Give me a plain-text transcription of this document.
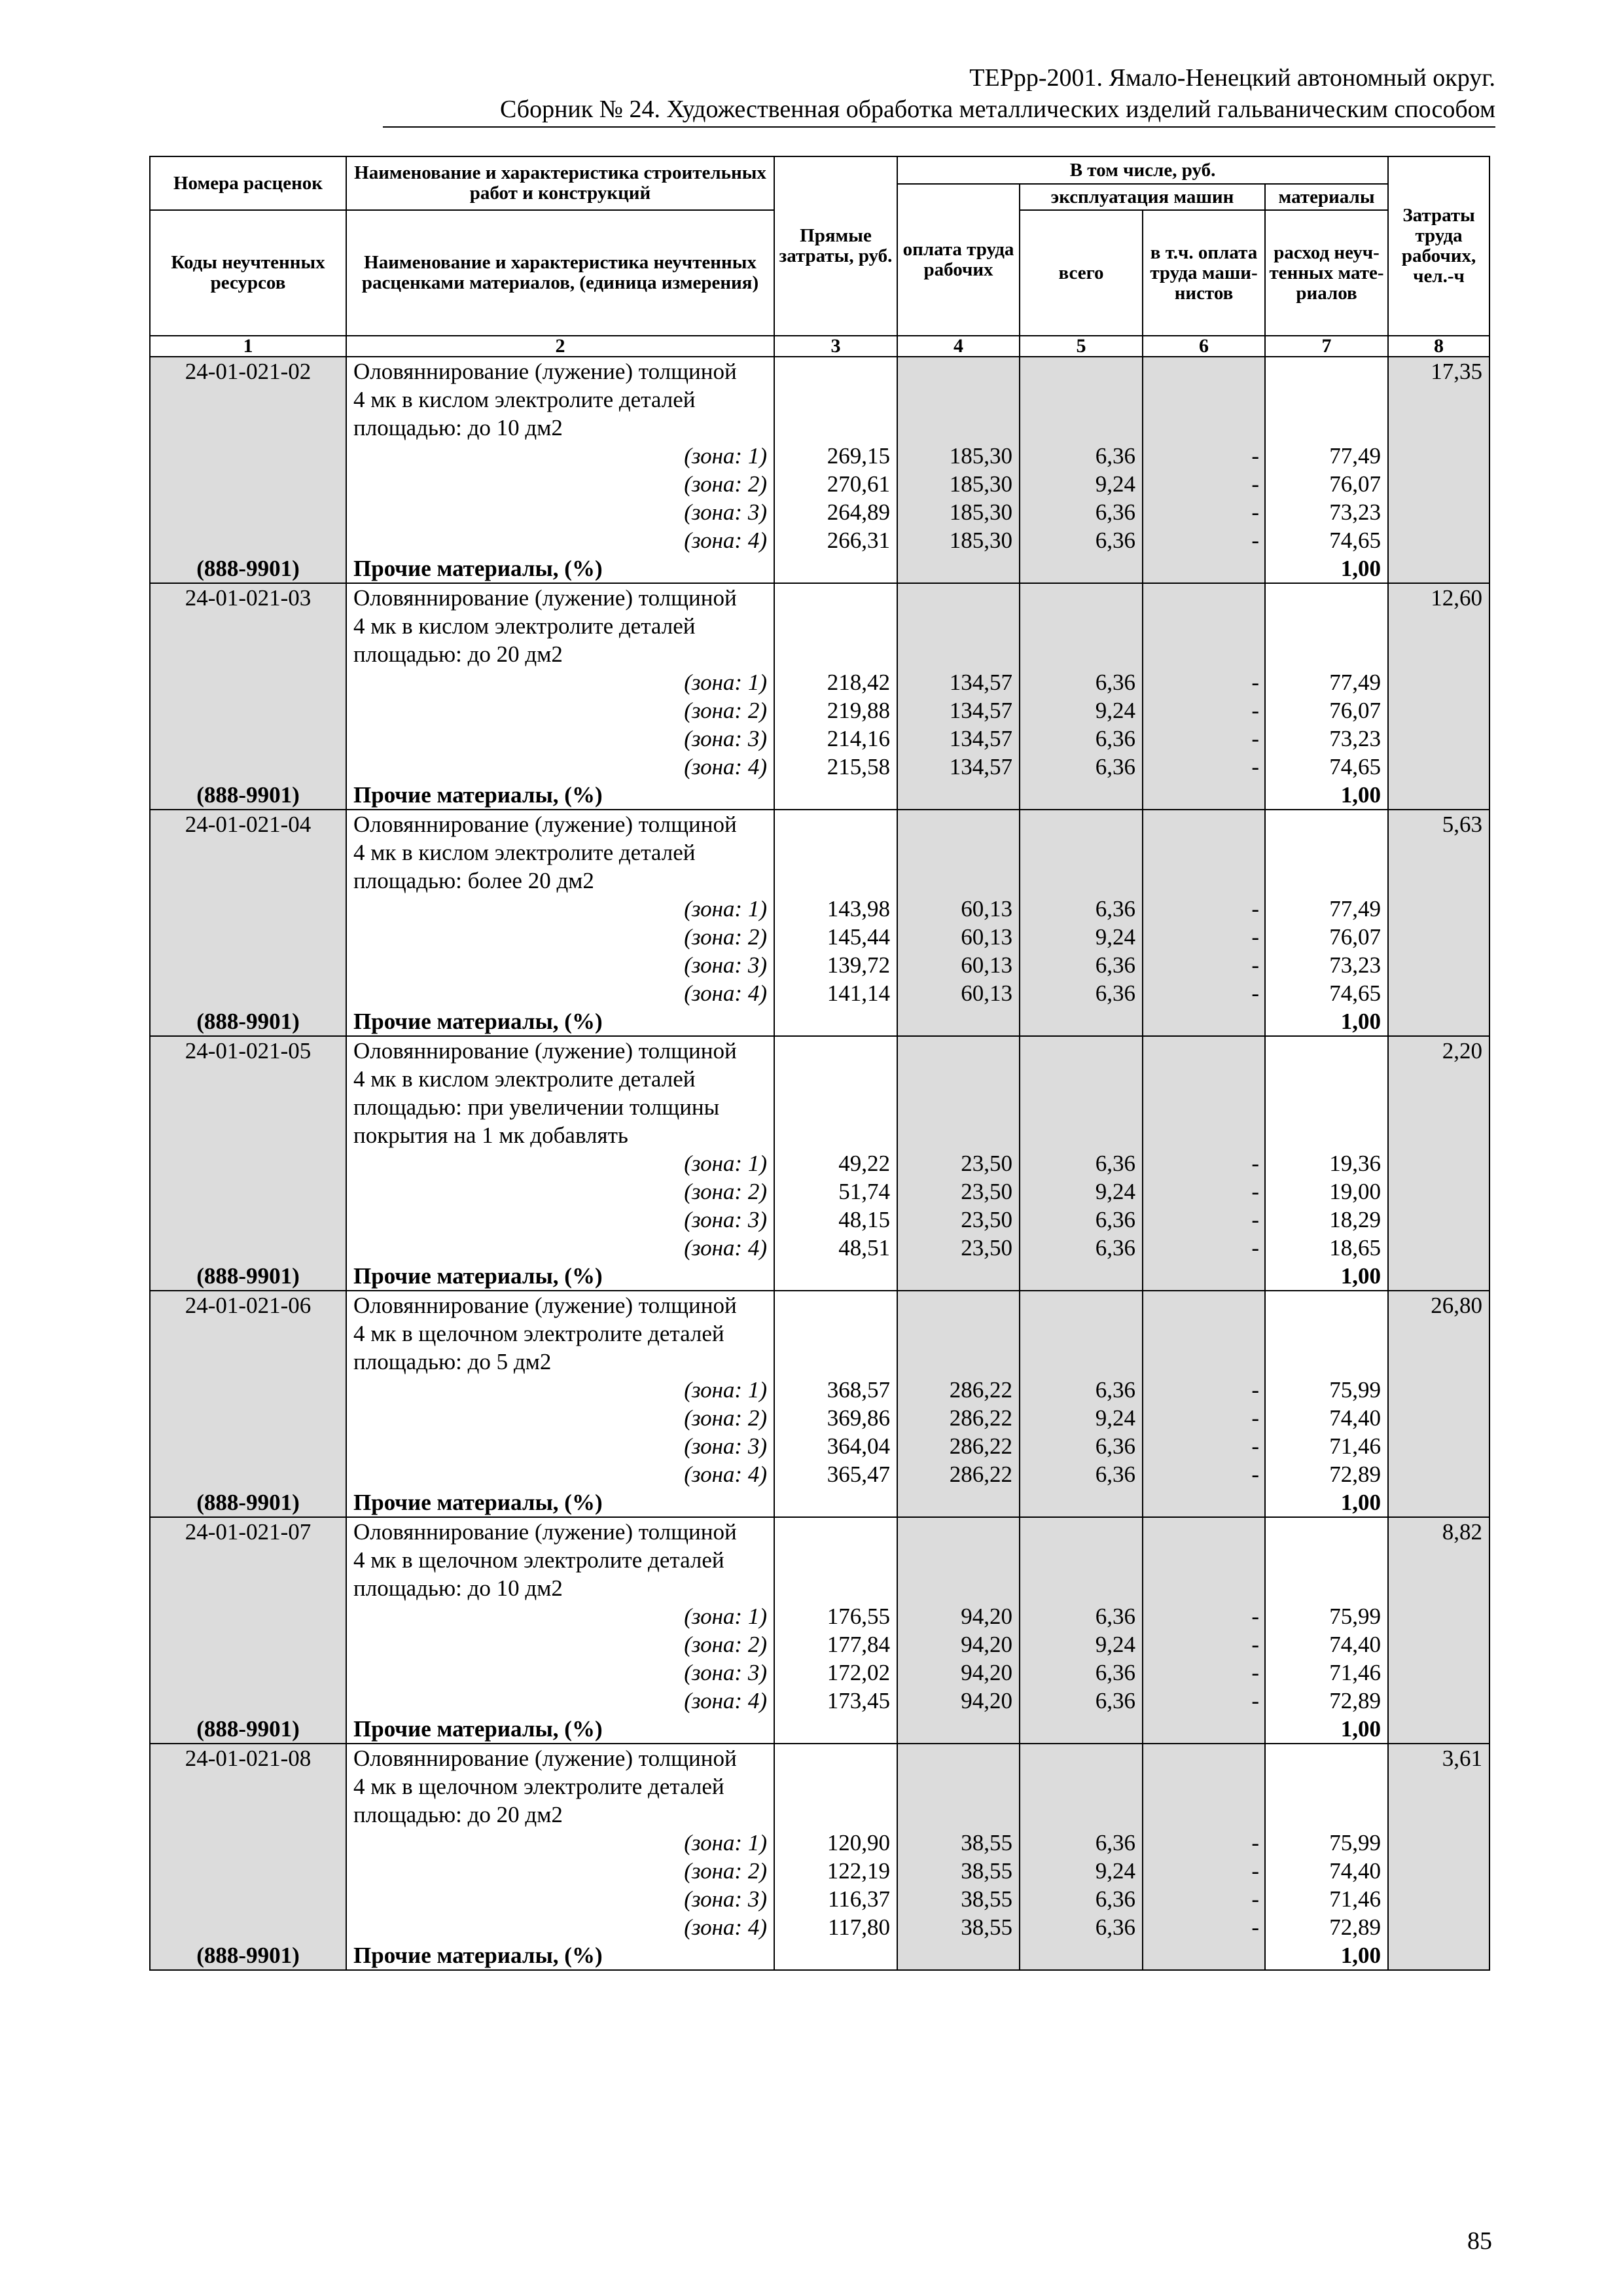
ТЕРрр-2001. Ямало-Ненецкий автономный округ.
Сборник № 24. Художественная обработка металлических изделий гальваническим способом
Номера расценок	Наименование и характеристика строительных работ и конструкций	Прямые затраты, руб.	В том числе, руб.				Затраты труда рабочих, чел.-ч
			оплата труда рабочих	эксплуатация машин		материалы	
Коды неучтенных ресурсов	Наименование и характеристика неучтенных расценками материалов, (единица измерения)			всего	в т.ч. оплата труда маши- нистов	расход неуч- тенных мате- риалов	
1	2	3	4	5	6	7	8
24-01-021-02	Оловяннирование (лужение) толщиной						17,35
	4 мк в кислом электролите деталей						
	площадью: до 10 дм2						
	(зона: 1)	269,15	185,30	6,36	-	77,49	
	(зона: 2)	270,61	185,30	9,24	-	76,07	
	(зона: 3)	264,89	185,30	6,36	-	73,23	
	(зона: 4)	266,31	185,30	6,36	-	74,65	
(888-9901)	Прочие материалы, (%)					1,00	
24-01-021-03	Оловяннирование (лужение) толщиной						12,60
	4 мк в кислом электролите деталей						
	площадью: до 20 дм2						
	(зона: 1)	218,42	134,57	6,36	-	77,49	
	(зона: 2)	219,88	134,57	9,24	-	76,07	
	(зона: 3)	214,16	134,57	6,36	-	73,23	
	(зона: 4)	215,58	134,57	6,36	-	74,65	
(888-9901)	Прочие материалы, (%)					1,00	
24-01-021-04	Оловяннирование (лужение) толщиной						5,63
	4 мк в кислом электролите деталей						
	площадью: более 20 дм2						
	(зона: 1)	143,98	60,13	6,36	-	77,49	
	(зона: 2)	145,44	60,13	9,24	-	76,07	
	(зона: 3)	139,72	60,13	6,36	-	73,23	
	(зона: 4)	141,14	60,13	6,36	-	74,65	
(888-9901)	Прочие материалы, (%)					1,00	
24-01-021-05	Оловяннирование (лужение) толщиной						2,20
	4 мк в кислом электролите деталей						
	площадью: при увеличении толщины						
	покрытия на 1 мк добавлять						
	(зона: 1)	49,22	23,50	6,36	-	19,36	
	(зона: 2)	51,74	23,50	9,24	-	19,00	
	(зона: 3)	48,15	23,50	6,36	-	18,29	
	(зона: 4)	48,51	23,50	6,36	-	18,65	
(888-9901)	Прочие материалы, (%)					1,00	
24-01-021-06	Оловяннирование (лужение) толщиной						26,80
	4 мк в щелочном электролите деталей						
	площадью: до 5 дм2						
	(зона: 1)	368,57	286,22	6,36	-	75,99	
	(зона: 2)	369,86	286,22	9,24	-	74,40	
	(зона: 3)	364,04	286,22	6,36	-	71,46	
	(зона: 4)	365,47	286,22	6,36	-	72,89	
(888-9901)	Прочие материалы, (%)					1,00	
24-01-021-07	Оловяннирование (лужение) толщиной						8,82
	4 мк в щелочном электролите деталей						
	площадью: до 10 дм2						
	(зона: 1)	176,55	94,20	6,36	-	75,99	
	(зона: 2)	177,84	94,20	9,24	-	74,40	
	(зона: 3)	172,02	94,20	6,36	-	71,46	
	(зона: 4)	173,45	94,20	6,36	-	72,89	
(888-9901)	Прочие материалы, (%)					1,00	
24-01-021-08	Оловяннирование (лужение) толщиной						3,61
	4 мк в щелочном электролите деталей						
	площадью: до 20 дм2						
	(зона: 1)	120,90	38,55	6,36	-	75,99	
	(зона: 2)	122,19	38,55	9,24	-	74,40	
	(зона: 3)	116,37	38,55	6,36	-	71,46	
	(зона: 4)	117,80	38,55	6,36	-	72,89	
(888-9901)	Прочие материалы, (%)					1,00	
85
